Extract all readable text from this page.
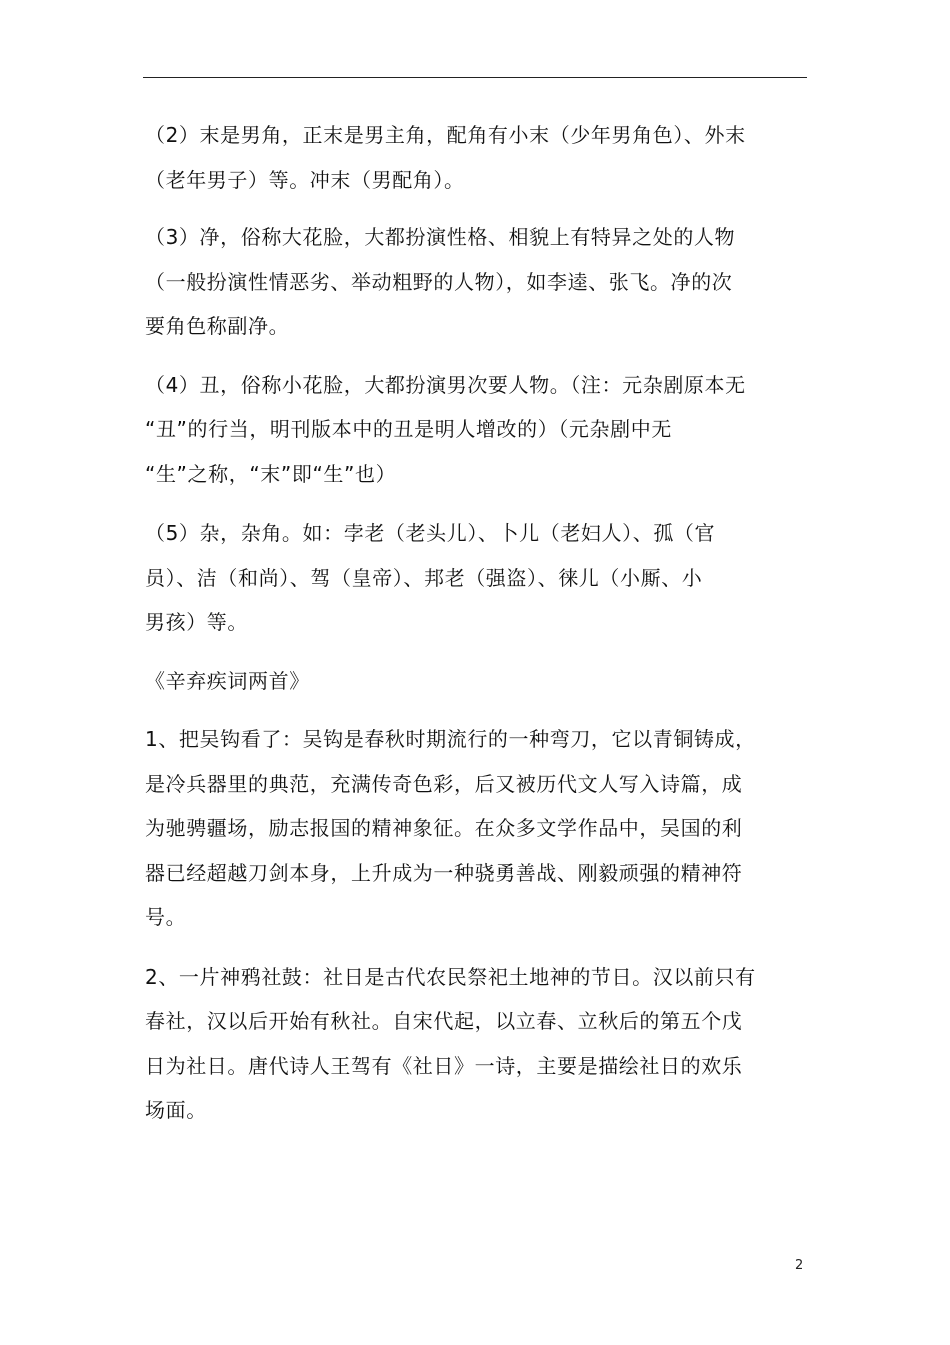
（2）末是男角，正末是男主角，配角有小末（少年男角色）、外末
（老年男子）等。冲末（男配角）。

（3）净，俗称大花脸，大都扮演性格、相貌上有特异之处的人物
（一般扮演性情恶劣、举动粗野的人物），如李逵、张飞。净的次
要角色称副净。

（4）丑，俗称小花脸，大都扮演男次要人物。（注：元杂剧原本无
“丑”的行当，明刊版本中的丑是明人增改的）（元杂剧中无
“生”之称，“末”即“生”也）

（5）杂，杂角。如：孛老（老头儿）、卜儿（老妇人）、孤（官
员）、洁（和尚）、驾（皇帝）、邦老（强盗）、徕儿（小厮、小
男孩）等。

《辛弃疾词两首》

1、把吴钩看了：吴钩是春秋时期流行的一种弯刀，它以青铜铸成，
是冷兵器里的典范，充满传奇色彩，后又被历代文人写入诗篇，成
为驰骋疆场，励志报国的精神象征。在众多文学作品中，吴国的利
器已经超越刀剑本身，上升成为一种骁勇善战、刚毅顽强的精神符
号。

2、一片神鸦社鼓：社日是古代农民祭祀土地神的节日。汉以前只有
春社，汉以后开始有秋社。自宋代起，以立春、立秋后的第五个戊
日为社日。唐代诗人王驾有《社日》一诗，主要是描绘社日的欢乐
场面。

2
